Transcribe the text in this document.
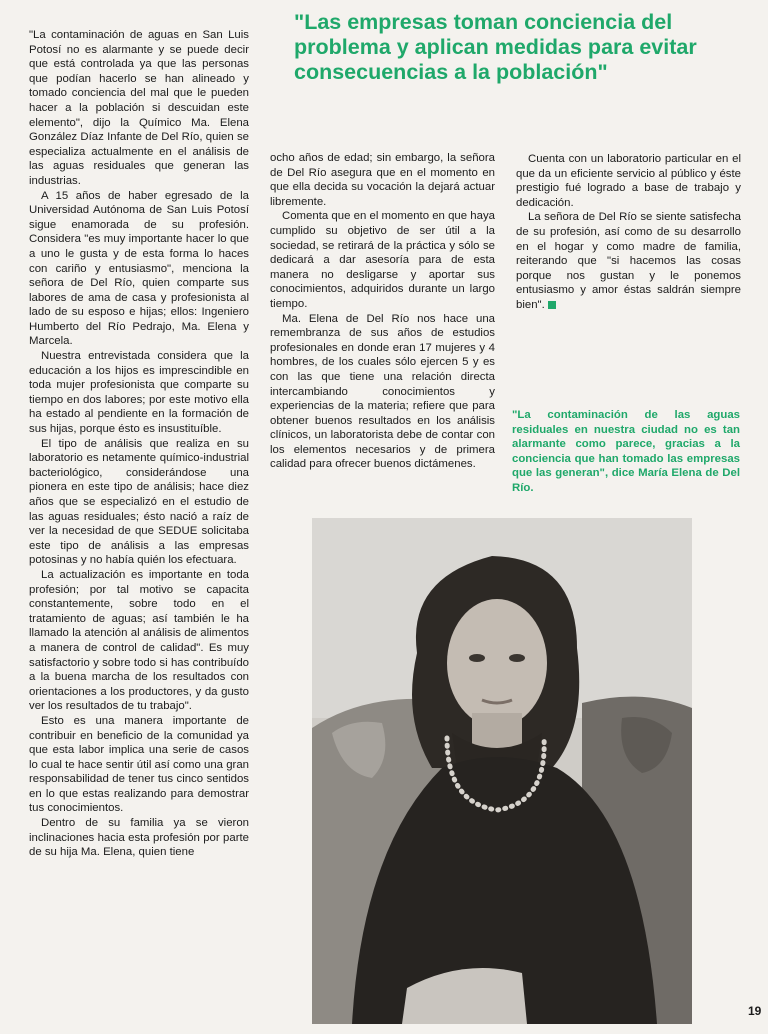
"Las empresas toman conciencia del problema y aplican medidas para evitar consecuencias a la población"

"La contaminación de aguas en San Luis Potosí no es alarmante y se puede decir que está controlada ya que las personas que podían hacerlo se han alineado y tomado conciencia del mal que le pueden hacer a la población si descuidan este elemento", dijo la Químico Ma. Elena González Díaz Infante de Del Río, quien se especializa actualmente en el análisis de las aguas residuales que generan las industrias.

A 15 años de haber egresado de la Universidad Autónoma de San Luis Potosí sigue enamorada de su profesión. Considera "es muy importante hacer lo que a uno le gusta y de esta forma lo haces con cariño y entusiasmo", menciona la señora de Del Río, quien comparte sus labores de ama de casa y profesionista al lado de su esposo e hijas; ellos: Ingeniero Humberto del Río Pedrajo, Ma. Elena y Marcela.

Nuestra entrevistada considera que la educación a los hijos es imprescindible en toda mujer profesionista que comparte su tiempo en dos labores; por este motivo ella ha estado al pendiente en la formación de sus hijas, porque ésto es insustituíble.

El tipo de análisis que realiza en su laboratorio es netamente químico-industrial bacteriológico, considerándose una pionera en este tipo de análisis; hace diez años que se especializó en el estudio de las aguas residuales; ésto nació a raíz de ver la necesidad de que SEDUE solicitaba este tipo de análisis a las empresas potosinas y no había quién los efectuara.

La actualización es importante en toda profesión; por tal motivo se capacita constantemente, sobre todo en el tratamiento de aguas; así también le ha llamado la atención al análisis de alimentos a manera de control de calidad". Es muy satisfactorio y sobre todo si has contribuído a la buena marcha de los resultados con orientaciones a los productores, y da gusto ver los resultados de tu trabajo".

Esto es una manera importante de contribuir en beneficio de la comunidad ya que esta labor implica una serie de casos lo cual te hace sentir útil así como una gran responsabilidad de tener tus cinco sentidos en lo que estas realizando para demostrar tus conocimientos.

Dentro de su familia ya se vieron inclinaciones hacia esta profesión por parte de su hija Ma. Elena, quien tiene

ocho años de edad; sin embargo, la señora de Del Río asegura que en el momento en que ella decida su vocación la dejará actuar libremente.

Comenta que en el momento en que haya cumplido su objetivo de ser útil a la sociedad, se retirará de la práctica y sólo se dedicará a dar asesoría para de esta manera no desligarse y aportar sus conocimientos, adquiridos durante un largo tiempo.

Ma. Elena de Del Río nos hace una remembranza de sus años de estudios profesionales en donde eran 17 mujeres y 4 hombres, de los cuales sólo ejercen 5 y es con las que tiene una relación directa intercambiando conocimientos y experiencias de la materia; refiere que para obtener buenos resultados en los análisis clínicos, un laboratorista debe de contar con los elementos necesarios y de primera calidad para ofrecer buenos dictámenes.

Cuenta con un laboratorio particular en el que da un eficiente servicio al público y éste prestigio fué logrado a base de trabajo y dedicación.

La señora de Del Río se siente satisfecha de su profesión, así como de su desarrollo en el hogar y como madre de familia, reiterando que "si hacemos las cosas porque nos gustan y le ponemos entusiasmo y amor éstas saldrán siempre bien".

"La contaminación de las aguas residuales en nuestra ciudad no es tan alarmante como parece, gracias a la conciencia que han tomado las empresas que las generan", dice María Elena de Del Río.
19
